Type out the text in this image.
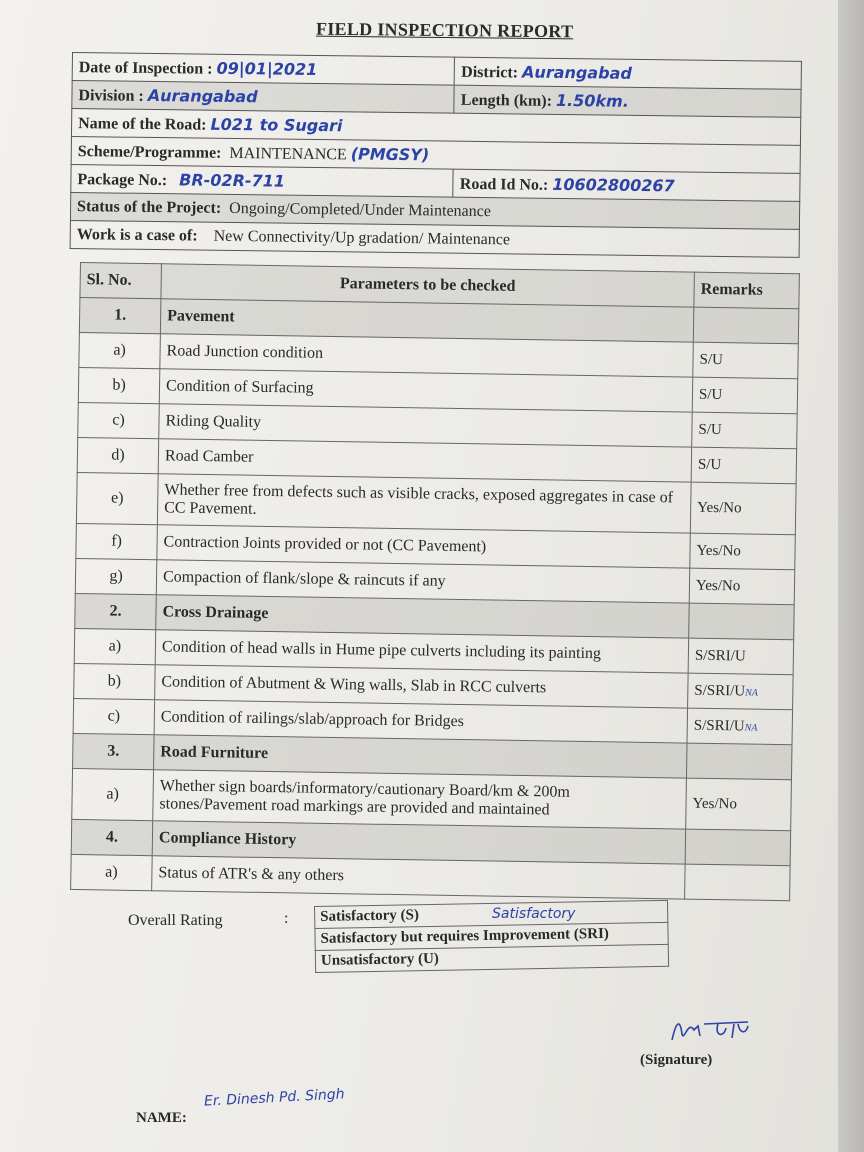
FIELD INSPECTION REPORT
Date of Inspection : 09|01|2021	District: Aurangabad
Division : Aurangabad	Length (km): 1.50km.
Name of the Road: L021 to Sugari	
Scheme/Programme: MAINTENANCE (PMGSY)	
Package No.: BR-02R-711	Road Id No.: 10602800267
Status of the Project: Ongoing/Completed/Under Maintenance	
Work is a case of: New Connectivity/Up gradation/ Maintenance	
Sl. No.	Parameters to be checked	Remarks
1.	Pavement	
a)	Road Junction condition	S/U
b)	Condition of Surfacing	S/U
c)	Riding Quality	S/U
d)	Road Camber	S/U
e)	Whether free from defects such as visible cracks, exposed aggregates in case of CC Pavement.	Yes/No
f)	Contraction Joints provided or not (CC Pavement)	Yes/No
g)	Compaction of flank/slope & raincuts if any	Yes/No
2.	Cross Drainage	
a)	Condition of head walls in Hume pipe culverts including its painting	S/SRI/U
b)	Condition of Abutment & Wing walls, Slab in RCC culverts	S/SRI/UNA
c)	Condition of railings/slab/approach for Bridges	S/SRI/UNA
3.	Road Furniture	
a)	Whether sign boards/informatory/cautionary Board/km & 200m stones/Pavement road markings are provided and maintained	Yes/No
4.	Compliance History	
a)	Status of ATR's & any others	
Overall Rating	: Satisfactory (S)
Satisfactory but requires Improvement (SRI)
Unsatisfactory (U)
Satisfactory
(Signature)
NAME:
Er. Dinesh Pd. Singh
